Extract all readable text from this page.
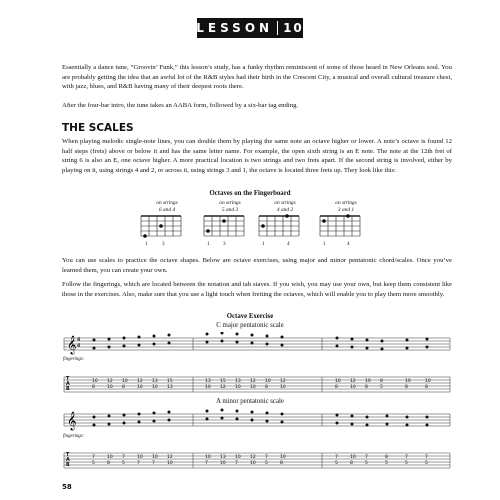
LESSON 10

Essentially a dance tune, “Groovin’ Funk,” this lesson’s study, has a funky rhythm reminiscent of some of those heard in New Orleans soul. You are probably getting the idea that an awful lot of the R&B styles had their birth in the Crescent City, a musical and overall cultural treasure chest, with jazz, blues, and R&B having many of their deepest roots there.

After the four-bar intro, the tune takes an AABA form, followed by a six-bar tag ending.

THE SCALES

When playing melodic single-note lines, you can double them by playing the same note an octave higher or lower. A note’s octave is found 12 half steps (frets) above or below it and has the same letter name. For example, the open sixth string is an E note. The note at the 12th fret of string 6 is also an E, one octave higher. A more practical location is two strings and two frets apart. If the second string is involved, either by playing on it, using strings 4 and 2, or across it, using strings 3 and 1, the octave is located three frets up. They look like this:

Octaves on the Fingerboard
on strings
6 and 4
on strings
5 and 3
on strings
4 and 2
on strings
3 and 1
1	3	1	3	1	4	1	4

You can use scales to practice the octave shapes. Below are octave exercises, using major and minor pentatonic chord/scales. Once you’ve learned them, you can create your own.

Follow the fingerings, which are located between the notation and tab staves. If you wish, you may use your own, but keep them consistent like those in the exercises. Also, make sure that you use a light touch when fretting the octaves, which will enable you to play them more smoothly.

Octave Exercise
C major pentatonic scale
𝄞
10
8
12
10
10
8
12
10
13
10
15
13
13
10
15
12
13
10
12
10
10
8
12
10
10
8
12
10
10
8
8
5
10
8
10
8
fingerings:
4
4
T
A
B
A minor pentatonic scale
𝄞
7
5
10
8
7
5
10
7
10
7
12
10
10
7
13
10
10
7
12
10
7
5
10
8
7
5
10
8
7
5
8
5
7
5
7
5
fingerings:
T
A
B
58
